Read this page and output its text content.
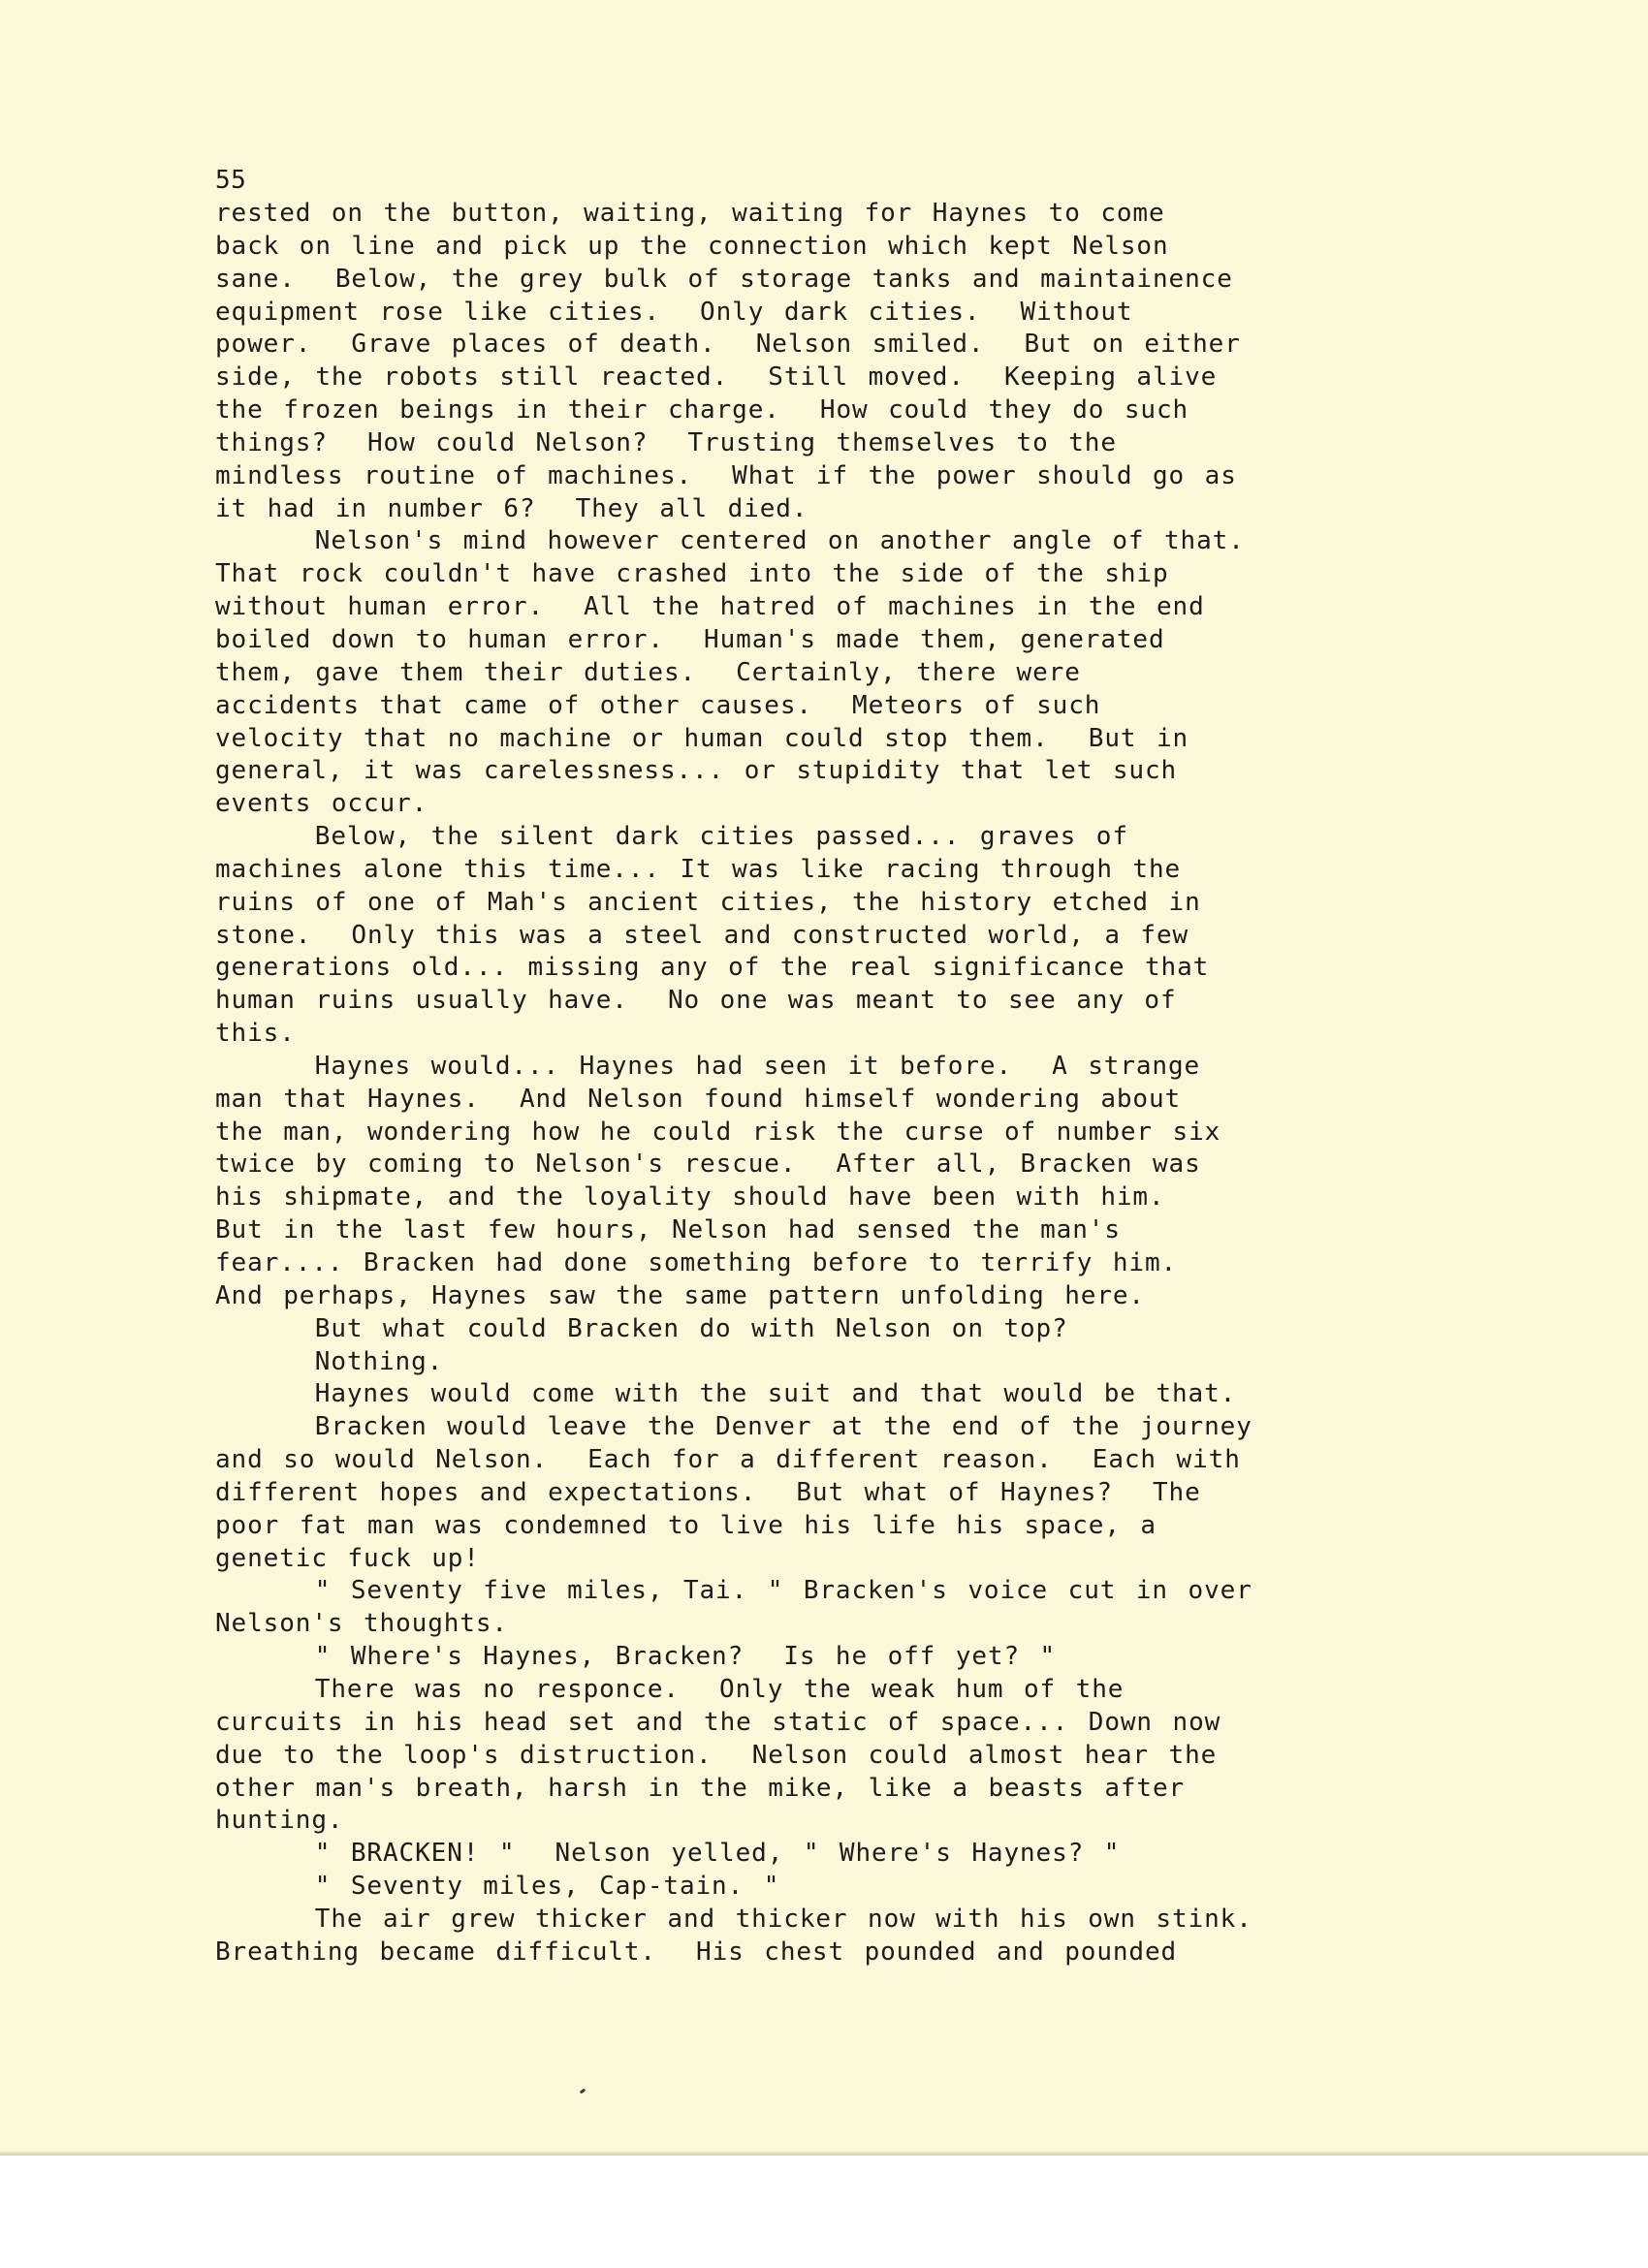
55
rested on the button, waiting, waiting for Haynes to come
back on line and pick up the connection which kept Nelson
sane.  Below, the grey bulk of storage tanks and maintainence
equipment rose like cities.  Only dark cities.  Without
power.  Grave places of death.  Nelson smiled.  But on either
side, the robots still reacted.  Still moved.  Keeping alive
the frozen beings in their charge.  How could they do such
things?  How could Nelson?  Trusting themselves to the
mindless routine of machines.  What if the power should go as
it had in number 6?  They all died.
Nelson's mind however centered on another angle of that.
That rock couldn't have crashed into the side of the ship
without human error.  All the hatred of machines in the end
boiled down to human error.  Human's made them, generated
them, gave them their duties.  Certainly, there were
accidents that came of other causes.  Meteors of such
velocity that no machine or human could stop them.  But in
general, it was carelessness... or stupidity that let such
events occur.
Below, the silent dark cities passed... graves of
machines alone this time... It was like racing through the
ruins of one of Mah's ancient cities, the history etched in
stone.  Only this was a steel and constructed world, a few
generations old... missing any of the real significance that
human ruins usually have.  No one was meant to see any of
this.
Haynes would... Haynes had seen it before.  A strange
man that Haynes.  And Nelson found himself wondering about
the man, wondering how he could risk the curse of number six
twice by coming to Nelson's rescue.  After all, Bracken was
his shipmate, and the loyality should have been with him.
But in the last few hours, Nelson had sensed the man's
fear.... Bracken had done something before to terrify him.
And perhaps, Haynes saw the same pattern unfolding here.
But what could Bracken do with Nelson on top?
Nothing.
Haynes would come with the suit and that would be that.
Bracken would leave the Denver at the end of the journey
and so would Nelson.  Each for a different reason.  Each with
different hopes and expectations.  But what of Haynes?  The
poor fat man was condemned to live his life his space, a
genetic fuck up!
" Seventy five miles, Tai. " Bracken's voice cut in over
Nelson's thoughts.
" Where's Haynes, Bracken?  Is he off yet? "
There was no responce.  Only the weak hum of the
curcuits in his head set and the static of space... Down now
due to the loop's distruction.  Nelson could almost hear the
other man's breath, harsh in the mike, like a beasts after
hunting.
" BRACKEN! "  Nelson yelled, " Where's Haynes? "
" Seventy miles, Cap-tain. "
The air grew thicker and thicker now with his own stink.
Breathing became difficult.  His chest pounded and pounded
